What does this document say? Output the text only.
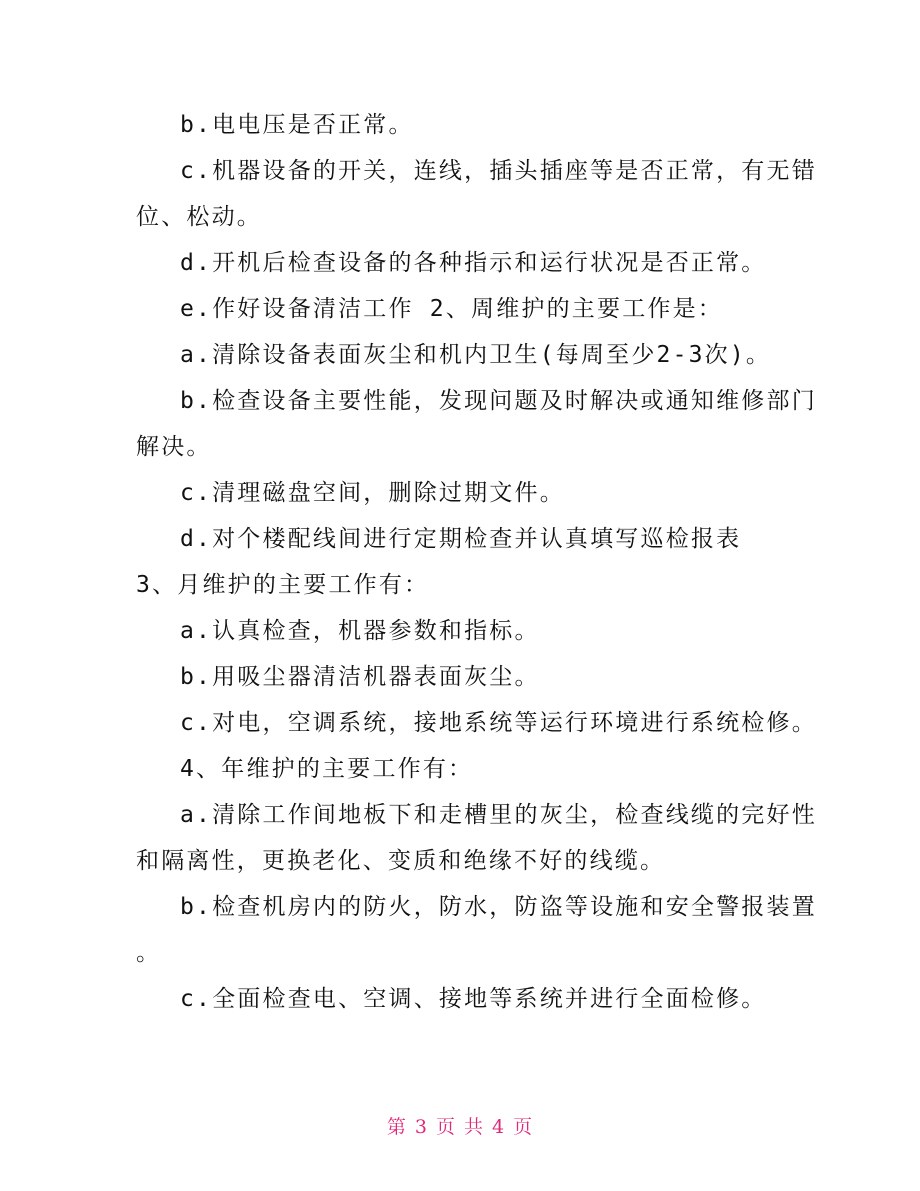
b.电电压是否正常。
c.机器设备的开关，连线，插头插座等是否正常，有无错
位、松动。
d.开机后检查设备的各种指示和运行状况是否正常。
e.作好设备清洁工作 2、周维护的主要工作是：
a.清除设备表面灰尘和机内卫生(每周至少2-3次)。
b.检查设备主要性能，发现问题及时解决或通知维修部门
解决。
c.清理磁盘空间，删除过期文件。
d.对个楼配线间进行定期检查并认真填写巡检报表
3、月维护的主要工作有：
a.认真检查，机器参数和指标。
b.用吸尘器清洁机器表面灰尘。
c.对电，空调系统，接地系统等运行环境进行系统检修。
4、年维护的主要工作有：
a.清除工作间地板下和走槽里的灰尘，检查线缆的完好性
和隔离性，更换老化、变质和绝缘不好的线缆。
b.检查机房内的防火，防水，防盗等设施和安全警报装置
。
c.全面检查电、空调、接地等系统并进行全面检修。
第 3 页 共 4 页
